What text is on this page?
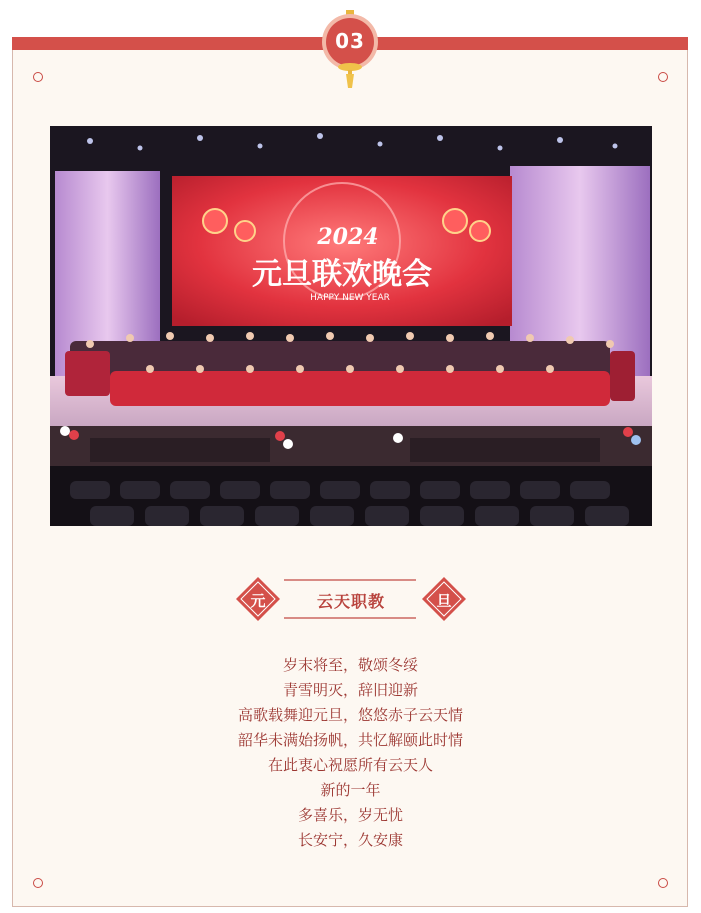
03
2024
元旦联欢晚会
HAPPY NEW YEAR
元	云天职教	旦
岁末将至，敬颂冬绥
青雪明灭，辞旧迎新
高歌载舞迎元旦，悠悠赤子云天情
韶华未满始扬帆，共忆解颐此时情
在此衷心祝愿所有云天人
新的一年
多喜乐，岁无忧
长安宁，久安康
